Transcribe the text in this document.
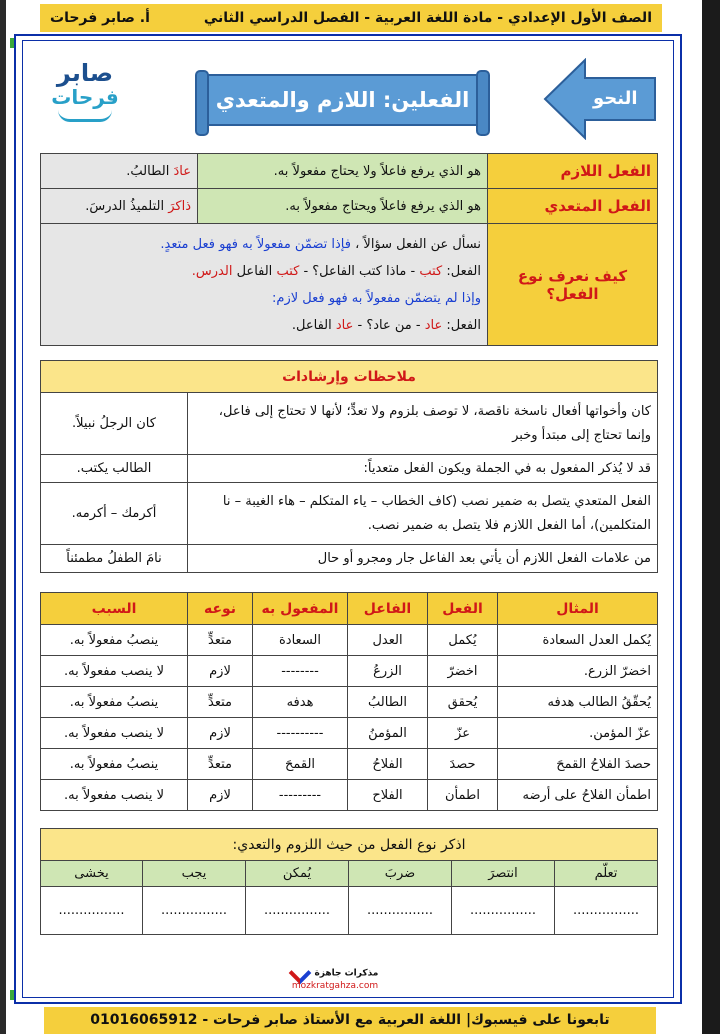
الصف الأول الإعدادي - مادة اللغة العربية - الفصل الدراسي الثاني
أ. صابر فرحات
صابر
فرحات	الفعلين: اللازم والمتعدي	النحو
الفعل اللازم	هو الذي يرفع فاعلاً ولا يحتاج مفعولاً به.	عادَ الطالبُ.
الفعل المتعدي	هو الذي يرفع فاعلاً ويحتاج مفعولاً به.	ذاكرَ التلميذُ الدرسَ.
كيف نعرف نوع الفعل؟	نسأل عن الفعل سؤالاً ، فإذا تضمّن مفعولاً به فهو فعل متعدٍ.
الفعل: كتب - ماذا كتب الفاعل؟ - كتب الفاعل الدرس.
وإذا لم يتضمّن مفعولاً به فهو فعل لازم:
الفعل: عاد - من عاد؟ - عاد الفاعل.	
ملاحظات وإرشادات	
كان وأخواتها أفعال ناسخة ناقصة، لا توصف بلزوم ولا تعدٍّ؛ لأنها لا تحتاج إلى فاعل، وإنما تحتاج إلى مبتدأ وخبر	كان الرجلُ نبيلاً.
قد لا يُذكر المفعول به في الجملة ويكون الفعل متعدياً:	الطالب يكتب.
الفعل المتعدي يتصل به ضمير نصب (كاف الخطاب – ياء المتكلم – هاء الغيبة – نا المتكلمين)، أما الفعل اللازم فلا يتصل به ضمير نصب.	أكرمك – أكرمه.
من علامات الفعل اللازم أن يأتي بعد الفاعل جار ومجرو أو حال	نامَ الطفلُ مطمئناً
المثال	الفعل	الفاعل	المفعول به	نوعه	السبب
يُكمل العدل السعادة	يُكمل	العدل	السعادة	متعدٍّ	ينصبُ مفعولاً به.
اخضرّ الزرع.	اخضرّ	الزرعُ	--------	لازم	لا ينصب مفعولاً به.
يُحقّقُ الطالب هدفه	يُحقق	الطالبُ	هدفه	متعدٍّ	ينصبُ مفعولاً به.
عزّ المؤمن.	عزّ	المؤمنُ	----------	لازم	لا ينصب مفعولاً به.
حصدَ الفلاحُ القمحَ	حصدَ	الفلاحُ	القمحَ	متعدٍّ	ينصبُ مفعولاً به.
اطمأن الفلاحُ على أرضه	اطمأن	الفلاح	---------	لازم	لا ينصب مفعولاً به.
اذكر نوع الفعل من حيث اللزوم والتعدي:					
تعلّم	انتصرَ	ضربَ	يُمكن	يجب	يخشى
................	................	................	................	................	................
مذكرات جاهزة
mozkratgahza.com
تابعونا على فيسبوك| اللغة العربية مع الأستاذ صابر فرحات - 01016065912
